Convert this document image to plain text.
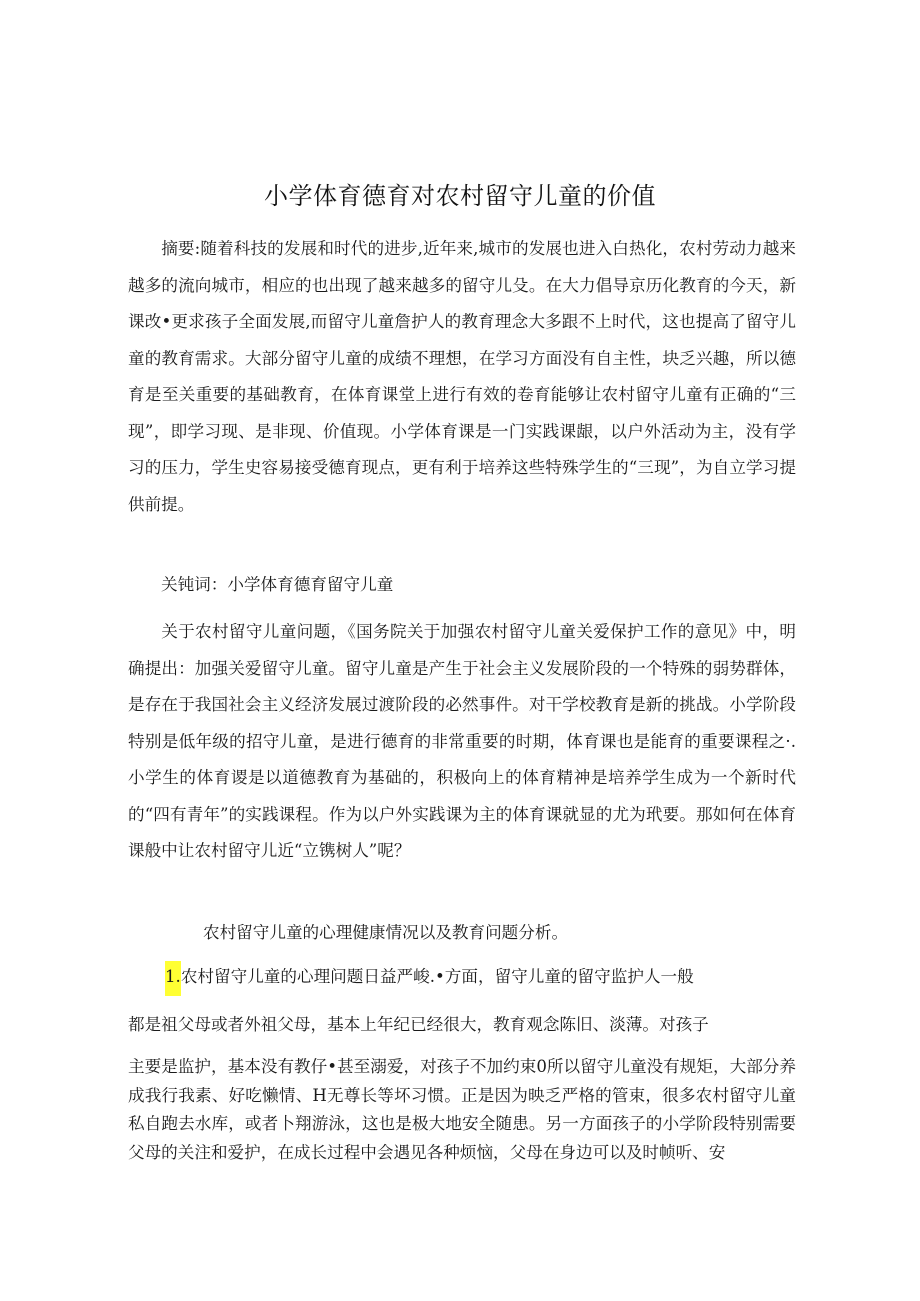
小学体育德育对农村留守儿童的价值

摘要:随着科技的发展和时代的进步,近年来,城市的发展也进入白热化，农村劳动力越来越多的流向城市，相应的也出现了越来越多的留守儿殳。在大力倡导京历化教育的今天，新课改•更求孩子全面发展,而留守儿童詹护人的教育理念大多跟不上时代，这也提高了留守儿童的教育需求。大部分留守儿童的成绩不理想，在学习方面没有自主性，块乏兴趣，所以德育是至关重要的基础教育，在体育课堂上进行有效的卷育能够让农村留守儿童有正确的“三现”，即学习现、是非现、价值现。小学体育课是一门实践课龈，以户外活动为主，没有学习的压力，学生史容易接受德育现点，更有利于培养这些特殊学生的“三现”，为自立学习提供前提。

关钝词：小学体育德育留守儿童

关于农村留守儿童问题，《国务院关于加强农村留守儿童关爱保护工作的意见》中，明确提出：加强关爱留守儿童。留守儿童是产生于社会主义发展阶段的一个特殊的弱势群体，是存在于我国社会主义经济发展过渡阶段的必然事件。对干学校教育是新的挑战。小学阶段特别是低年级的招守儿童，是进行德育的非常重要的时期，体育课也是能育的重要课程之·.小学生的体育谡是以道德教育为基础的，积极向上的体育精神是培养学生成为一个新时代的“四有青年”的实践课程。作为以户外实践课为主的体育课就显的尤为玳要。那如何在体育课般中让农村留守儿近“立镌树人”呢？

农村留守儿童的心理健康情况以及教育问题分析。

1.农村留守儿童的心理问题日益严峻.•方面，留守儿童的留守监护人一般

都是祖父母或者外祖父母，基本上年纪已经很大，教育观念陈旧、淡薄。对孩子

主要是监护，基本没有教仔•甚至溺爱，对孩子不加约束0所以留守儿童没有规矩，大部分养成我行我素、好吃懒情、H无尊长等坏习惯。正是因为映乏严格的管束，很多农村留守儿童私自跑去水库，或者卜翔游泳，这也是极大地安全随患。另一方面孩子的小学阶段特别需要父母的关注和爱护，在成长过程中会遇见各种烦恼，父母在身边可以及时帧听、安
